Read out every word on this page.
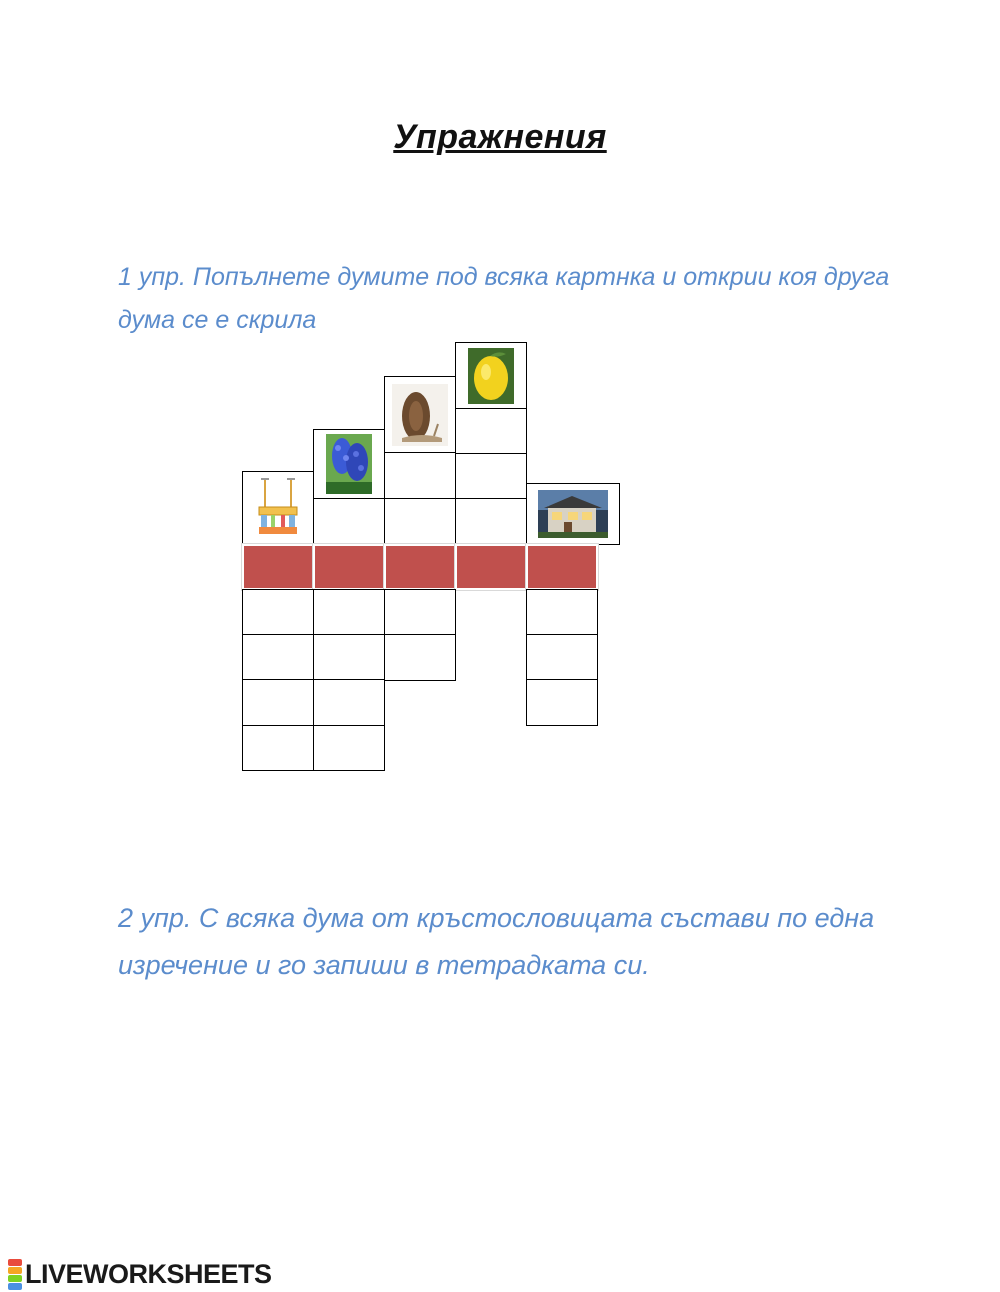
Упражнения
1 упр. Попълнете думите под всяка картнка и открии коя друга дума се е скрила
2 упр. С всяка дума от кръстословицата състави по една изречение и го запиши в тетрадката си.
LIVEWORKSHEETS
